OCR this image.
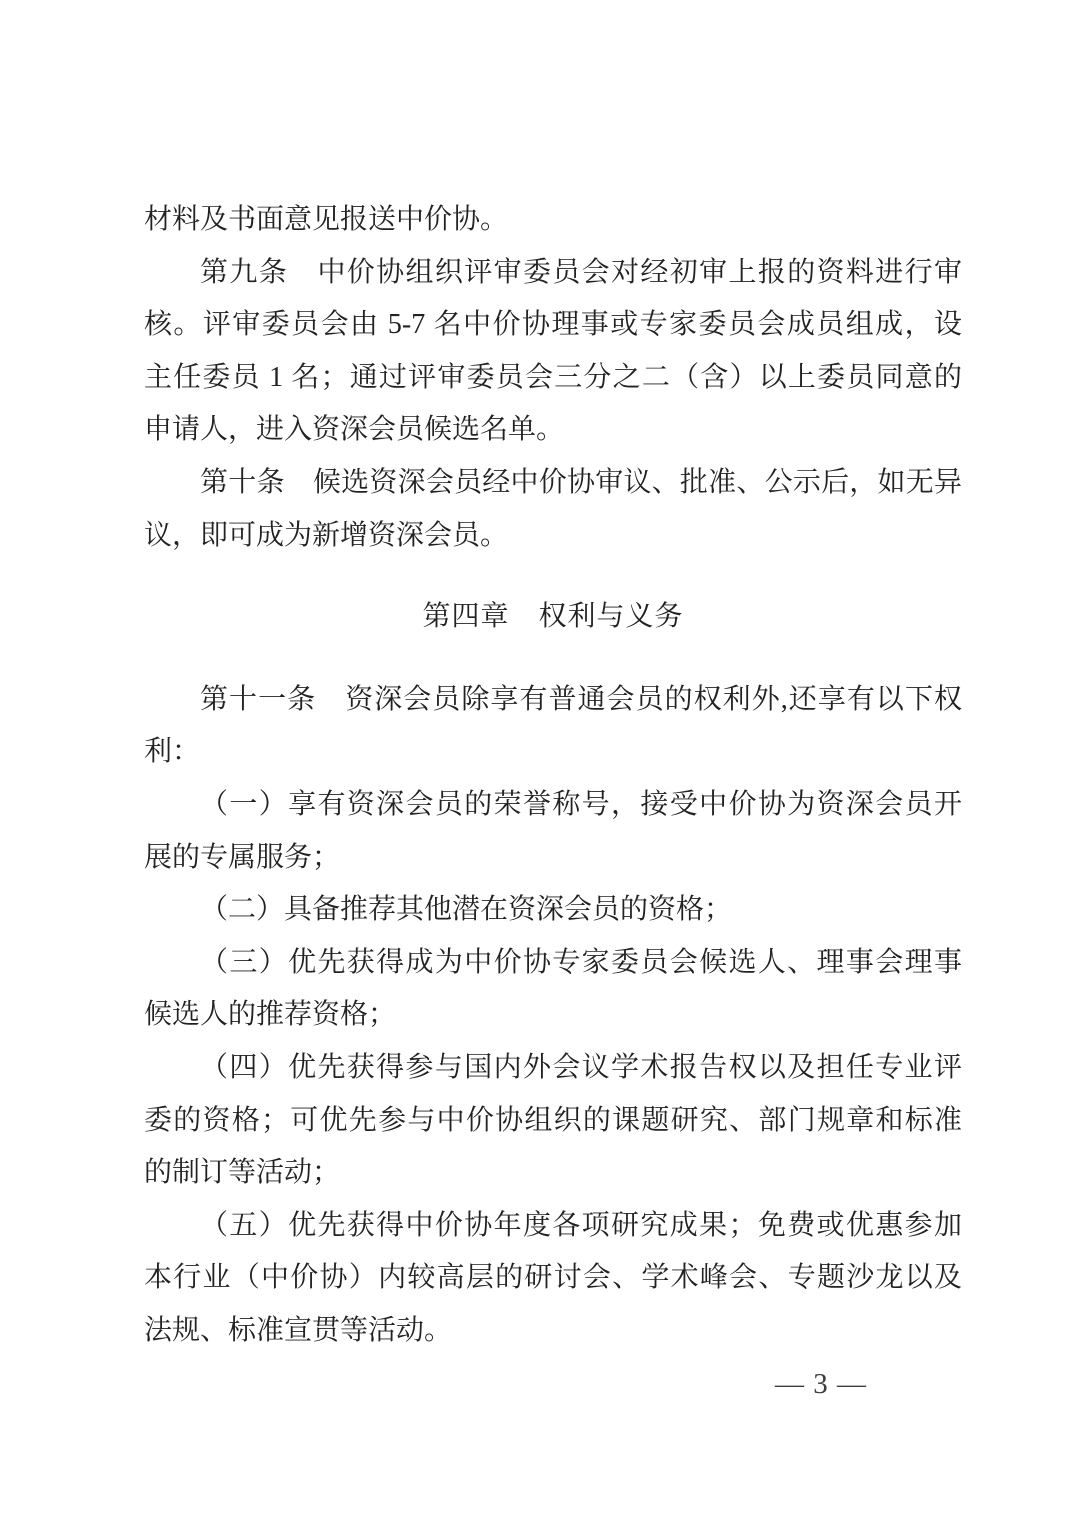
材料及书面意见报送中价协。
第九条　中价协组织评审委员会对经初审上报的资料进行审
核。评审委员会由 5-7 名中价协理事或专家委员会成员组成，设
主任委员 1 名；通过评审委员会三分之二（含）以上委员同意的
申请人，进入资深会员候选名单。
第十条　候选资深会员经中价协审议、批准、公示后，如无异
议，即可成为新增资深会员。
第四章　权利与义务
第十一条　资深会员除享有普通会员的权利外,还享有以下权
利：
（一）享有资深会员的荣誉称号，接受中价协为资深会员开
展的专属服务；
（二）具备推荐其他潜在资深会员的资格；
（三）优先获得成为中价协专家委员会候选人、理事会理事
候选人的推荐资格；
（四）优先获得参与国内外会议学术报告权以及担任专业评
委的资格；可优先参与中价协组织的课题研究、部门规章和标准
的制订等活动；
（五）优先获得中价协年度各项研究成果；免费或优惠参加
本行业（中价协）内较高层的研讨会、学术峰会、专题沙龙以及
法规、标准宣贯等活动。
— 3 —
